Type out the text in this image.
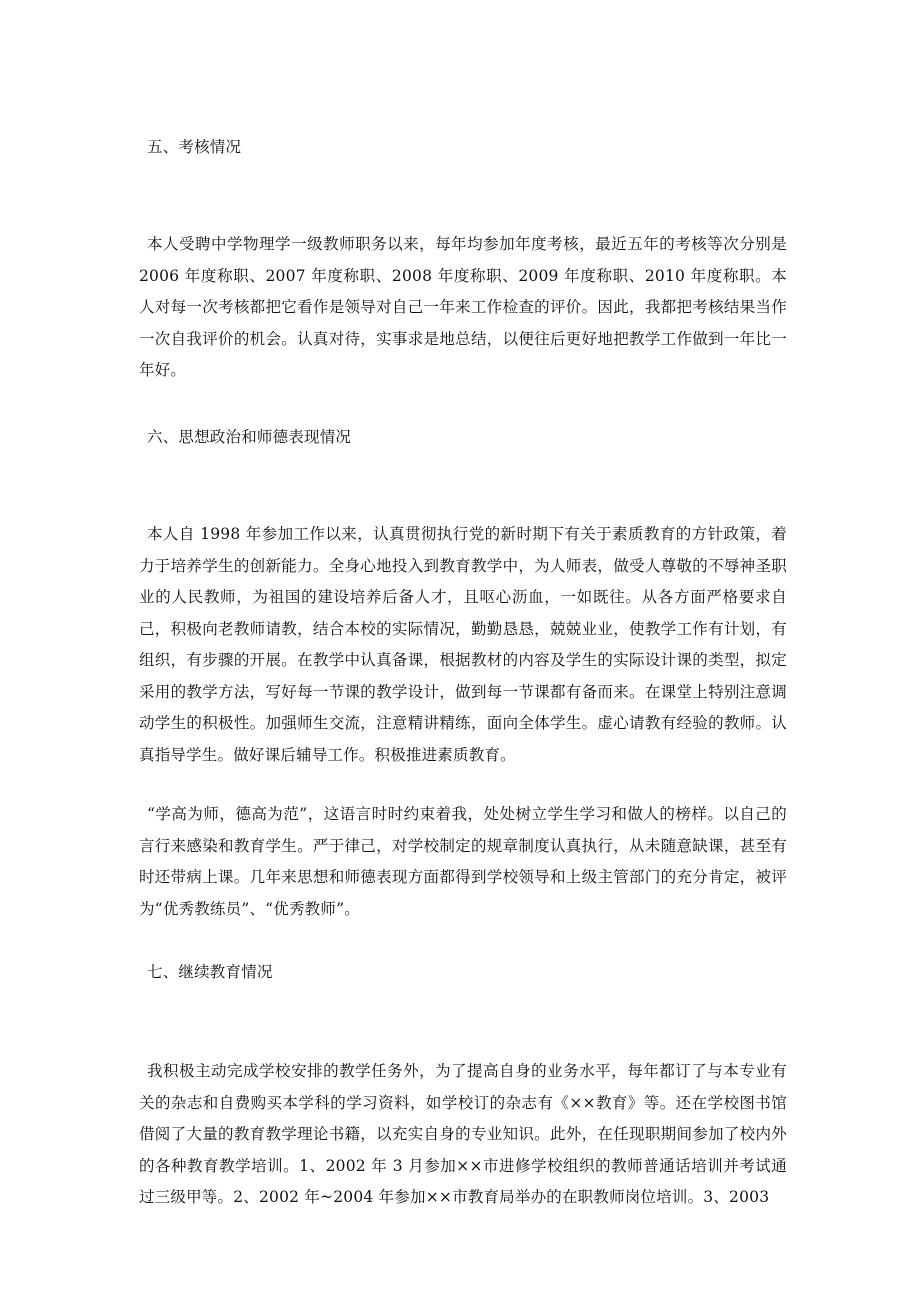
五、考核情况

本人受聘中学物理学一级教师职务以来，每年均参加年度考核，最近五年的考核等次分别是 2006 年度称职、2007 年度称职、2008 年度称职、2009 年度称职、2010 年度称职。本人对每一次考核都把它看作是领导对自己一年来工作检查的评价。因此，我都把考核结果当作一次自我评价的机会。认真对待，实事求是地总结，以便往后更好地把教学工作做到一年比一年好。

六、思想政治和师德表现情况

本人自 1998 年参加工作以来，认真贯彻执行党的新时期下有关于素质教育的方针政策，着力于培养学生的创新能力。全身心地投入到教育教学中，为人师表，做受人尊敬的不辱神圣职业的人民教师，为祖国的建设培养后备人才，且呕心沥血，一如既往。从各方面严格要求自己，积极向老教师请教，结合本校的实际情况，勤勤恳恳，兢兢业业，使教学工作有计划，有组织，有步骤的开展。在教学中认真备课，根据教材的内容及学生的实际设计课的类型，拟定采用的教学方法，写好每一节课的教学设计，做到每一节课都有备而来。在课堂上特别注意调动学生的积极性。加强师生交流，注意精讲精练，面向全体学生。虚心请教有经验的教师。认真指导学生。做好课后辅导工作。积极推进素质教育。

“学高为师，德高为范”，这语言时时约束着我，处处树立学生学习和做人的榜样。以自己的言行来感染和教育学生。严于律己，对学校制定的规章制度认真执行，从未随意缺课，甚至有时还带病上课。几年来思想和师德表现方面都得到学校领导和上级主管部门的充分肯定，被评为“优秀教练员”、“优秀教师”。

七、继续教育情况

我积极主动完成学校安排的教学任务外，为了提高自身的业务水平，每年都订了与本专业有关的杂志和自费购买本学科的学习资料，如学校订的杂志有《××教育》等。还在学校图书馆借阅了大量的教育教学理论书籍，以充实自身的专业知识。此外，在任现职期间参加了校内外的各种教育教学培训。1、2002 年 3 月参加××市进修学校组织的教师普通话培训并考试通过三级甲等。2、2002 年~2004 年参加××市教育局举办的在职教师岗位培训。3、2003
